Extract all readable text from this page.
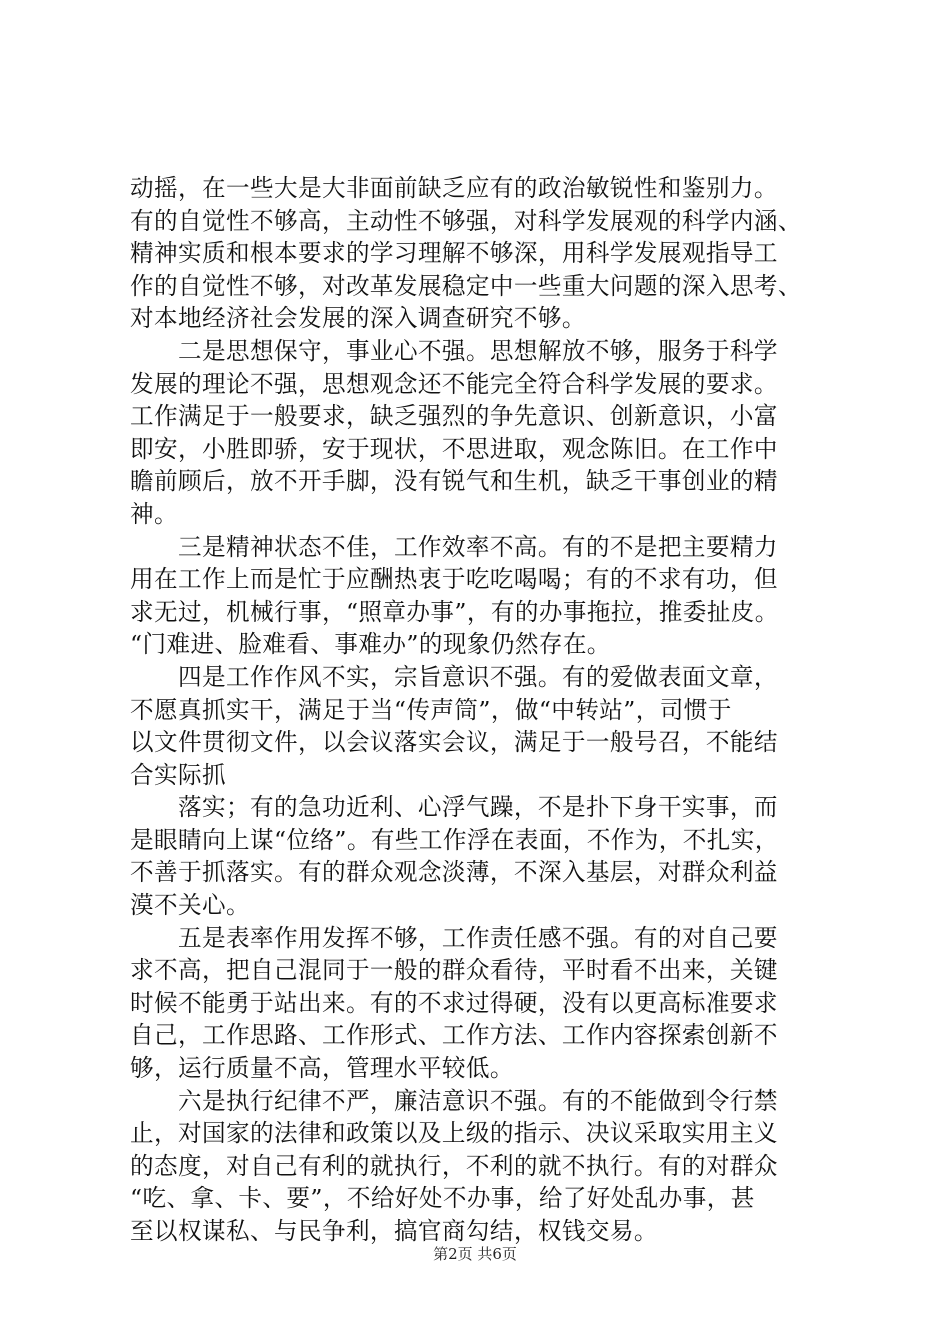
动摇，在一些大是大非面前缺乏应有的政治敏锐性和鉴别力。
有的自觉性不够高，主动性不够强，对科学发展观的科学内涵、
精神实质和根本要求的学习理解不够深，用科学发展观指导工
作的自觉性不够，对改革发展稳定中一些重大问题的深入思考、
对本地经济社会发展的深入调查研究不够。
二是思想保守，事业心不强。思想解放不够，服务于科学
发展的理论不强，思想观念还不能完全符合科学发展的要求。
工作满足于一般要求，缺乏强烈的争先意识、创新意识，小富
即安，小胜即骄，安于现状，不思进取，观念陈旧。在工作中
瞻前顾后，放不开手脚，没有锐气和生机，缺乏干事创业的精
神。
三是精神状态不佳，工作效率不高。有的不是把主要精力
用在工作上而是忙于应酬热衷于吃吃喝喝；有的不求有功，但
求无过，机械行事，“照章办事”，有的办事拖拉，推委扯皮。
“门难进、脸难看、事难办”的现象仍然存在。
四是工作作风不实，宗旨意识不强。有的爱做表面文章，
不愿真抓实干，满足于当“传声筒”，做“中转站”，司惯于
以文件贯彻文件，以会议落实会议，满足于一般号召，不能结
合实际抓
落实；有的急功近利、心浮气躁，不是扑下身干实事，而
是眼睛向上谋“位络”。有些工作浮在表面，不作为，不扎实，
不善于抓落实。有的群众观念淡薄，不深入基层，对群众利益
漠不关心。
五是表率作用发挥不够，工作责任感不强。有的对自己要
求不高，把自己混同于一般的群众看待，平时看不出来，关键
时候不能勇于站出来。有的不求过得硬，没有以更高标准要求
自己，工作思路、工作形式、工作方法、工作内容探索创新不
够，运行质量不高，管理水平较低。
六是执行纪律不严，廉洁意识不强。有的不能做到令行禁
止，对国家的法律和政策以及上级的指示、决议采取实用主义
的态度，对自己有利的就执行，不利的就不执行。有的对群众
“吃、拿、卡、要”，不给好处不办事，给了好处乱办事，甚
至以权谋私、与民争利，搞官商勾结，权钱交易。
第2页 共6页
